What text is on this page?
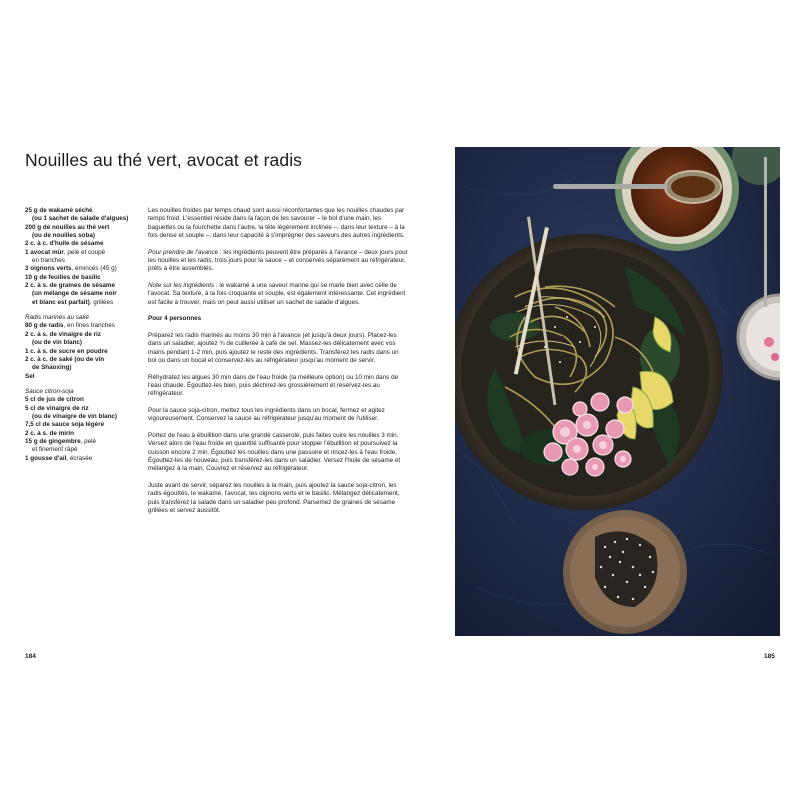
Nouilles au thé vert, avocat et radis
25 g de wakamé séché
(ou 1 sachet de salade d'algues)
200 g de nouilles au thé vert
(ou de nouilles soba)
2 c. à c. d'huile de sésame
1 avocat mûr, pelé et coupé
en tranches
3 oignons verts, émincés (45 g)
10 g de feuilles de basilic
2 c. à s. de graines de sésame
(un mélange de sésame noir
et blanc est parfait), grillées
Radis marinés au saké
80 g de radis, en fines tranches
2 c. à s. de vinaigre de riz
(ou de vin blanc)
1 c. à s. de sucre en poudre
2 c. à c. de saké (ou de vin
de Shaoxing)
Sel
Sauce citron-soja
5 cl de jus de citron
5 cl de vinaigre de riz
(ou de vinaigre de vin blanc)
7,5 cl de sauce soja légère
2 c. à s. de mirin
15 g de gingembre, pelé
et finement râpé
1 gousse d'ail, écrasée

Les nouilles froides par temps chaud sont aussi réconfortantes que les nouilles chaudes par temps froid. L'essentiel réside dans la façon de les savourer – le bol d'une main, les baguettes ou la fourchette dans l'autre, la tête légèrement inclinée –, dans leur texture – à la fois dense et souple –, dans leur capacité à s'imprégner des saveurs des autres ingrédients.

Pour prendre de l'avance : les ingrédients peuvent être préparés à l'avance – deux jours pour les nouilles et les radis, trois jours pour la sauce – et conservés séparément au réfrigérateur, prêts à être assemblés.

Note sur les ingrédients : le wakamé a une saveur marine qui se marie bien avec celle de l'avocat. Sa texture, à la fois croquante et souple, est également intéressante. Cet ingrédient est facile à trouver, mais on peut aussi utiliser un sachet de salade d'algues.

Pour 4 personnes

Préparez les radis marinés au moins 30 min à l'avance (et jusqu'à deux jours). Placez-les dans un saladier, ajoutez ¾ de cuillerée à café de sel. Massez-les délicatement avec vos mains pendant 1-2 min, puis ajoutez le reste des ingrédients. Transférez les radis dans un bol ou dans un bocal et conservez-les au réfrigérateur jusqu'au moment de servir.

Réhydratez les algues 30 min dans de l'eau froide (la meilleure option) ou 10 min dans de l'eau chaude. Égouttez-les bien, puis déchirez-les grossièrement et réservez-les au réfrigérateur.

Pour la sauce soja-citron, mettez tous les ingrédients dans un bocal, fermez et agitez vigoureusement. Conservez la sauce au réfrigérateur jusqu'au moment de l'utiliser.

Portez de l'eau à ébullition dans une grande casserole, puis faites cuire les nouilles 3 min. Versez alors de l'eau froide en quantité suffisante pour stopper l'ébullition et poursuivez la cuisson encore 2 min. Égouttez les nouilles dans une passoire et rincez-les à l'eau froide. Égouttez-les de nouveau, puis transférez-les dans un saladier. Versez l'huile de sésame et mélangez à la main. Couvrez et réservez au réfrigérateur.

Juste avant de servir, séparez les nouilles à la main, puis ajoutez la sauce soja-citron, les radis égouttés, le wakamé, l'avocat, les oignons verts et le basilic. Mélangez délicatement, puis transférez la salade dans un saladier peu profond. Parsemez de graines de sésame grillées et servez aussitôt.

184	185
